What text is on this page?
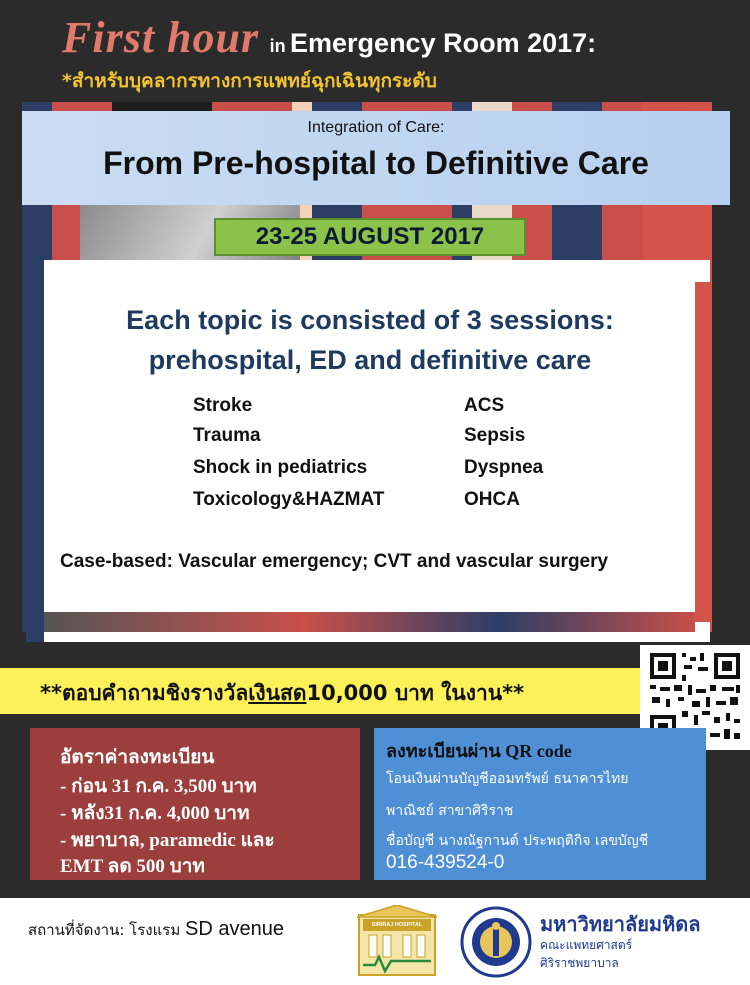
First hour in Emergency Room 2017:
*สำหรับบุคลากรทางการแพทย์ฉุกเฉินทุกระดับ
Integration of Care:
From Pre-hospital to Definitive Care
23-25 AUGUST 2017
Each topic is consisted of 3 sessions:
prehospital, ED and definitive care
Stroke
Trauma
Shock in pediatrics
Toxicology&HAZMAT
ACS
Sepsis
Dyspnea
OHCA
Case-based: Vascular emergency; CVT and vascular surgery
**ตอบคำถามชิงรางวัลเงินสด10,000 บาท ในงาน**
อัตราค่าลงทะเบียน
- ก่อน 31 ก.ค. 3,500 บาท
- หลัง31 ก.ค. 4,000 บาท
- พยาบาล, paramedic และ
EMT ลด 500 บาท
ลงทะเบียนผ่าน QR code
โอนเงินผ่านบัญชีออมทรัพย์ ธนาคารไทย
พาณิชย์ สาขาศิริราช
ชื่อบัญชี นางณัฐกานต์ ประพฤติกิจ เลขบัญชี
016-439524-0
สถานที่จัดงาน: โรงแรม SD avenue	SIRIRAJ HOSPITAL	มหาวิทยาลัยมหิดล
คณะแพทยศาสตร์
ศิริราชพยาบาล
